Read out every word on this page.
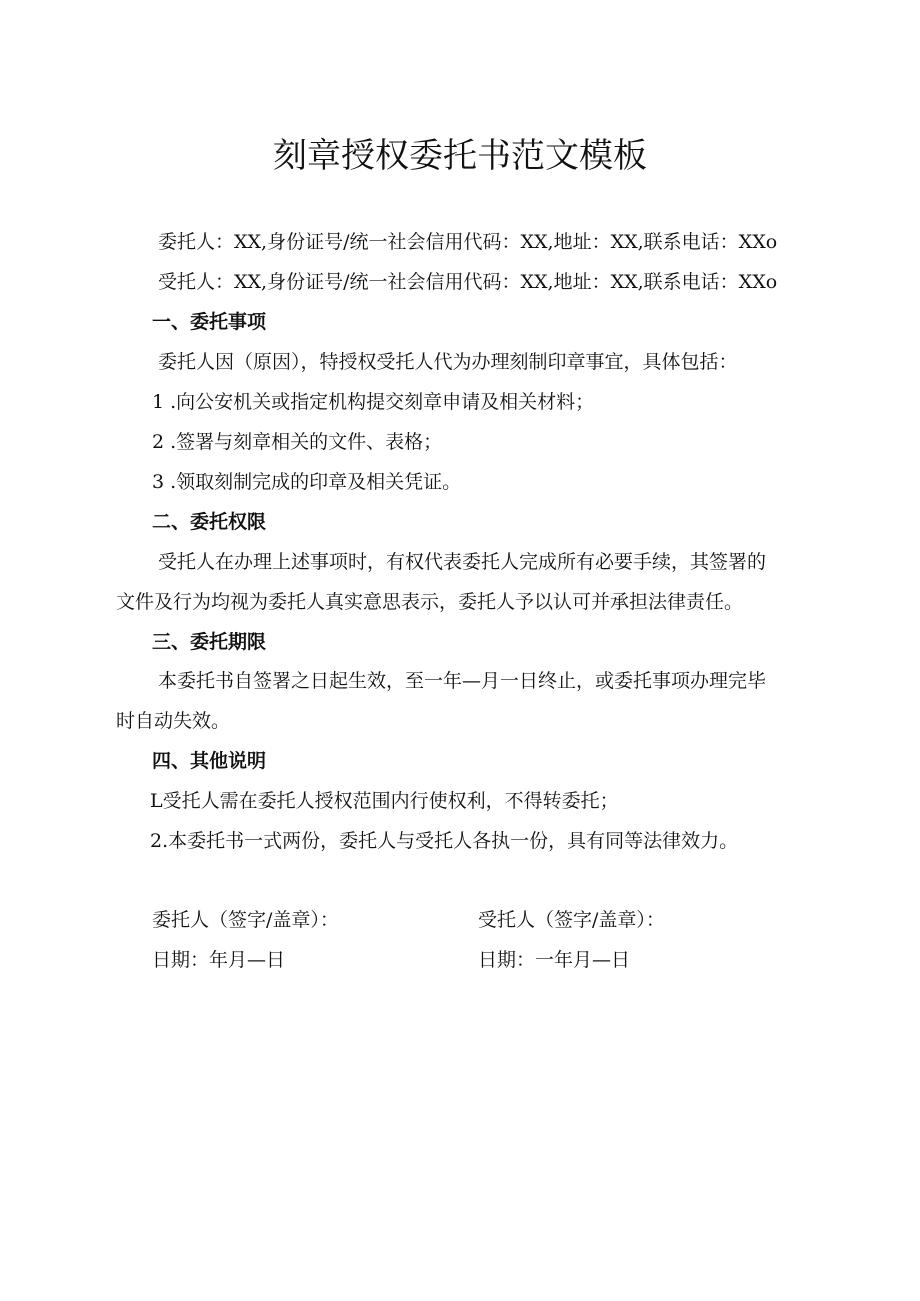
刻章授权委托书范文模板
委托人：XX,身份证号/统一社会信用代码：XX,地址：XX,联系电话：XXo
受托人：XX,身份证号/统一社会信用代码：XX,地址：XX,联系电话：XXo
一、委托事项
委托人因（原因），特授权受托人代为办理刻制印章事宜，具体包括：
1 .向公安机关或指定机构提交刻章申请及相关材料；
2 .签署与刻章相关的文件、表格；
3 .领取刻制完成的印章及相关凭证。
二、委托权限
受托人在办理上述事项时，有权代表委托人完成所有必要手续，其签署的
文件及行为均视为委托人真实意思表示，委托人予以认可并承担法律责任。
三、委托期限
本委托书自签署之日起生效，至一年—月一日终止，或委托事项办理完毕
时自动失效。
四、其他说明
L受托人需在委托人授权范围内行使权利，不得转委托；
2.本委托书一式两份，委托人与受托人各执一份，具有同等法律效力。
委托人（签字/盖章）：	受托人（签字/盖章）：
日期：年月—日	日期：一年月—日
